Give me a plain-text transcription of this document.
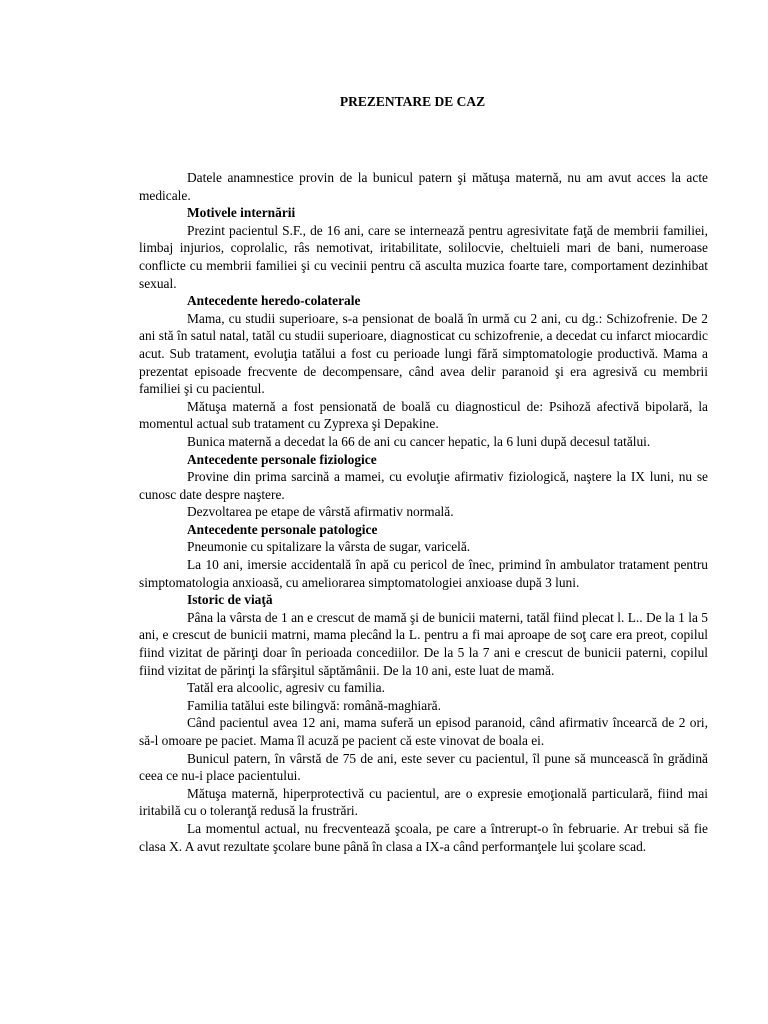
PREZENTARE DE CAZ

Datele anamnestice provin de la bunicul patern şi mătuşa maternă, nu am avut acces la acte medicale.

Motivele internării

Prezint pacientul S.F., de 16 ani, care se internează pentru agresivitate faţă de membrii familiei, limbaj injurios, coprolalic, râs nemotivat, iritabilitate, solilocvie, cheltuieli mari de bani, numeroase conflicte cu membrii familiei şi cu vecinii pentru că asculta muzica foarte tare, comportament dezinhibat sexual.

Antecedente heredo-colaterale

Mama, cu studii superioare, s-a pensionat de boală în urmă cu 2 ani, cu dg.: Schizofrenie. De 2 ani stă în satul natal, tatăl cu studii superioare, diagnosticat cu schizofrenie, a decedat cu infarct miocardic acut. Sub tratament, evoluţia tatălui a fost cu perioade lungi fără simptomatologie productivă. Mama a prezentat episoade frecvente de decompensare, când avea delir paranoid şi era agresivă cu membrii familiei şi cu pacientul.

Mătuşa maternă a fost pensionată de boală cu diagnosticul de: Psihoză afectivă bipolară, la momentul actual sub tratament cu Zyprexa şi Depakine.

Bunica maternă a decedat la 66 de ani cu cancer hepatic, la 6 luni după decesul tatălui.

Antecedente personale fiziologice

Provine din prima sarcină a mamei, cu evoluţie afirmativ fiziologică, naştere la IX luni, nu se cunosc date despre naştere.

Dezvoltarea pe etape de vârstă afirmativ normală.

Antecedente personale patologice

Pneumonie cu spitalizare la vârsta de sugar, varicelă.

La 10 ani, imersie accidentală în apă cu pericol de înec, primind în ambulator tratament pentru simptomatologia anxioasă, cu ameliorarea simptomatologiei anxioase după 3 luni.

Istoric de viaţă

Pâna la vârsta de 1 an e crescut de mamă şi de bunicii materni, tatăl fiind plecat l. L.. De la 1 la 5 ani, e crescut de bunicii matrni, mama plecând la L. pentru a fi mai aproape de soţ care era preot, copilul fiind vizitat de părinţi doar în perioada concediilor. De la 5 la 7 ani e crescut de bunicii paterni, copilul fiind vizitat de părinţi la sfârşitul săptămânii. De la 10 ani, este luat de mamă.

Tatăl era alcoolic, agresiv cu familia.

Familia tatălui este bilingvă: română-maghiară.

Când pacientul avea 12 ani, mama suferă un episod paranoid, când afirmativ încearcă de 2 ori, să-l omoare pe paciet. Mama îl acuză pe pacient că este vinovat de boala ei.

Bunicul patern, în vârstă de 75 de ani, este sever cu pacientul, îl pune să muncească în grădină ceea ce nu-i place pacientului.

Mătuşa maternă, hiperprotectivă cu pacientul, are o expresie emoţională particulară, fiind mai iritabilă cu o toleranţă redusă la frustrări.

La momentul actual, nu frecventează şcoala, pe care a întrerupt-o în februarie. Ar trebui să fie clasa X. A avut rezultate şcolare bune până în clasa a IX-a când performanţele lui şcolare scad.
